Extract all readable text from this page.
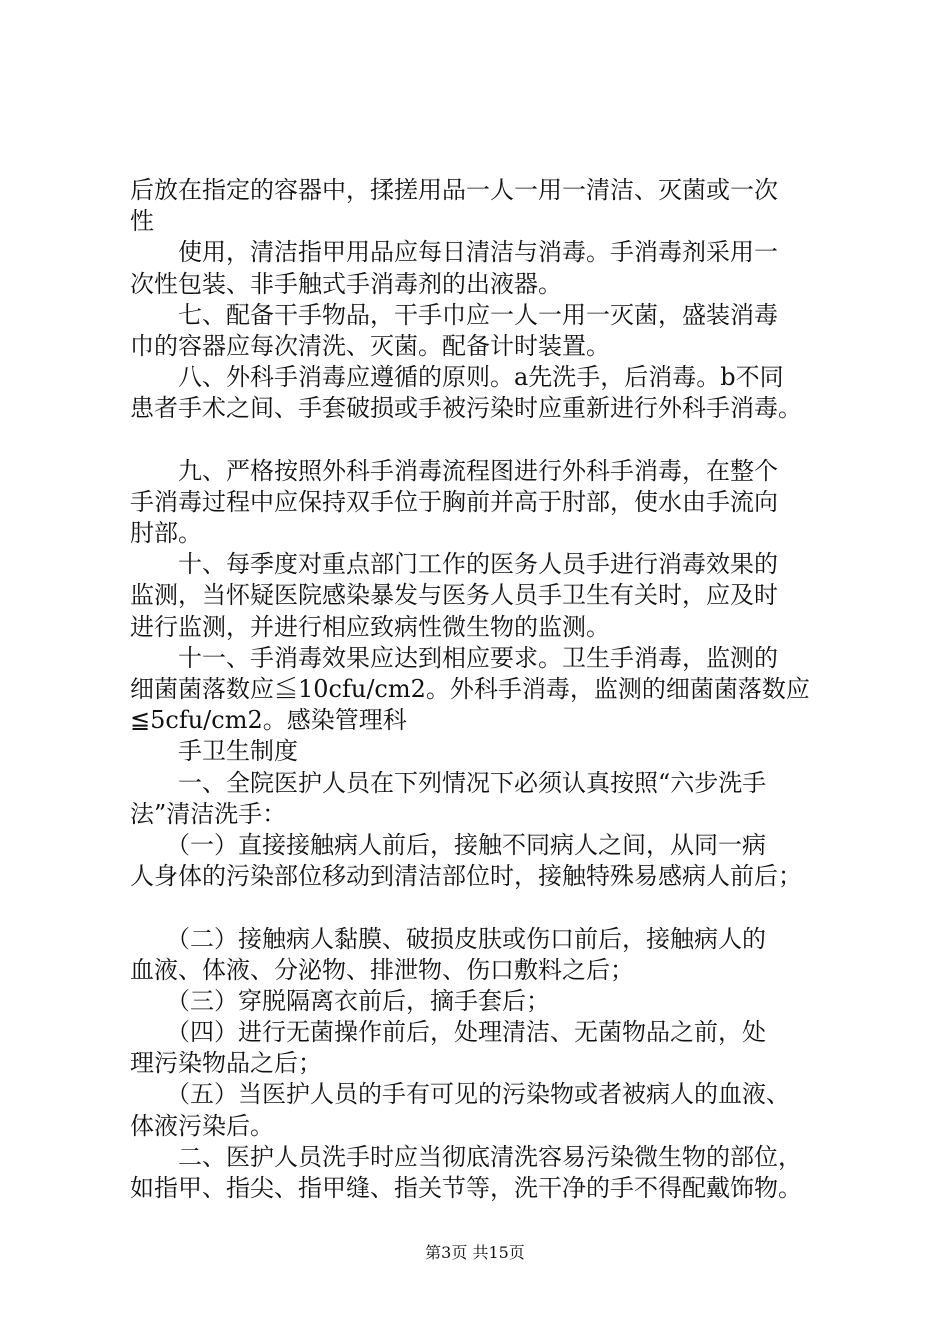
后放在指定的容器中，揉搓用品一人一用一清洁、灭菌或一次
性
　　使用，清洁指甲用品应每日清洁与消毒。手消毒剂采用一
次性包装、非手触式手消毒剂的出液器。
　　七、配备干手物品，干手巾应一人一用一灭菌，盛装消毒
巾的容器应每次清洗、灭菌。配备计时装置。
　　八、外科手消毒应遵循的原则。a先洗手，后消毒。b不同
患者手术之间、手套破损或手被污染时应重新进行外科手消毒。
　　九、严格按照外科手消毒流程图进行外科手消毒，在整个
手消毒过程中应保持双手位于胸前并高于肘部，使水由手流向
肘部。
　　十、每季度对重点部门工作的医务人员手进行消毒效果的
监测，当怀疑医院感染暴发与医务人员手卫生有关时，应及时
进行监测，并进行相应致病性微生物的监测。
　　十一、手消毒效果应达到相应要求。卫生手消毒，监测的
细菌菌落数应≦10cfu/cm2。外科手消毒，监测的细菌菌落数应
≦5cfu/cm2。感染管理科
　　手卫生制度
　　一、全院医护人员在下列情况下必须认真按照“六步洗手
法”清洁洗手：
　　（一）直接接触病人前后，接触不同病人之间，从同一病
人身体的污染部位移动到清洁部位时，接触特殊易感病人前后；
　　（二）接触病人黏膜、破损皮肤或伤口前后，接触病人的
血液、体液、分泌物、排泄物、伤口敷料之后；
　　（三）穿脱隔离衣前后，摘手套后；
　　（四）进行无菌操作前后，处理清洁、无菌物品之前，处
理污染物品之后；
　　（五）当医护人员的手有可见的污染物或者被病人的血液、
体液污染后。
　　二、医护人员洗手时应当彻底清洗容易污染微生物的部位，
如指甲、指尖、指甲缝、指关节等，洗干净的手不得配戴饰物。
第3页 共15页
